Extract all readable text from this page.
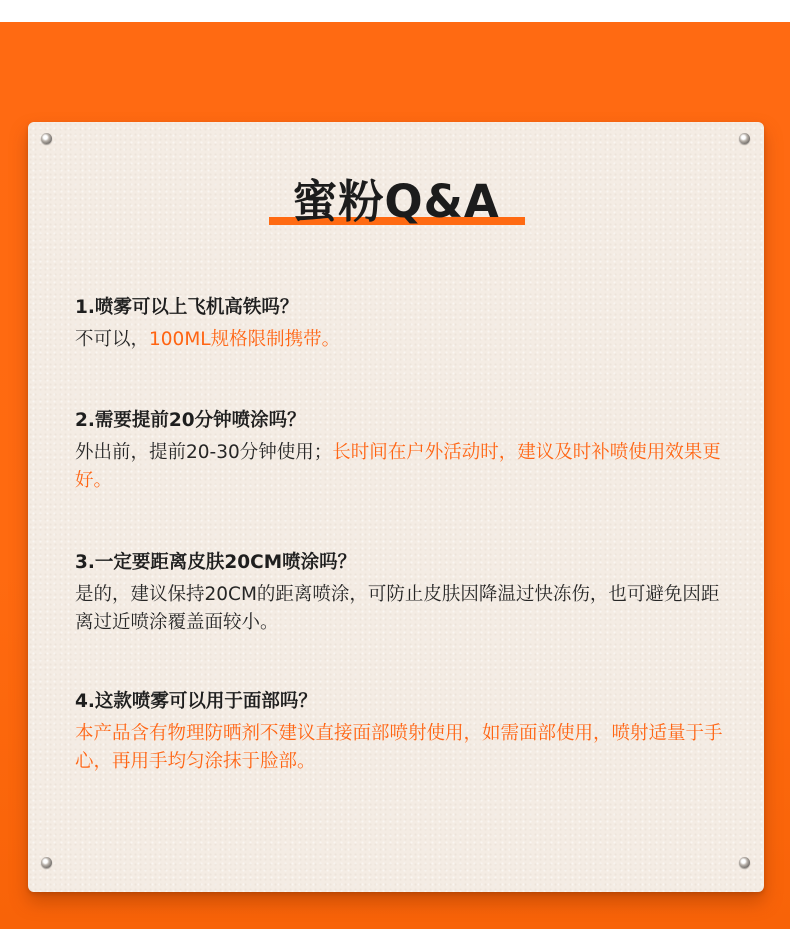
蜜粉Q&A

1.喷雾可以上飞机高铁吗？

不可以，100ML规格限制携带。

2.需要提前20分钟喷涂吗？

外出前，提前20-30分钟使用；长时间在户外活动时，建议及时补喷使用效果更好。

3.一定要距离皮肤20CM喷涂吗？

是的，建议保持20CM的距离喷涂，可防止皮肤因降温过快冻伤，也可避免因距离过近喷涂覆盖面较小。

4.这款喷雾可以用于面部吗？

本产品含有物理防晒剂不建议直接面部喷射使用，如需面部使用，喷射适量于手心，再用手均匀涂抹于脸部。
